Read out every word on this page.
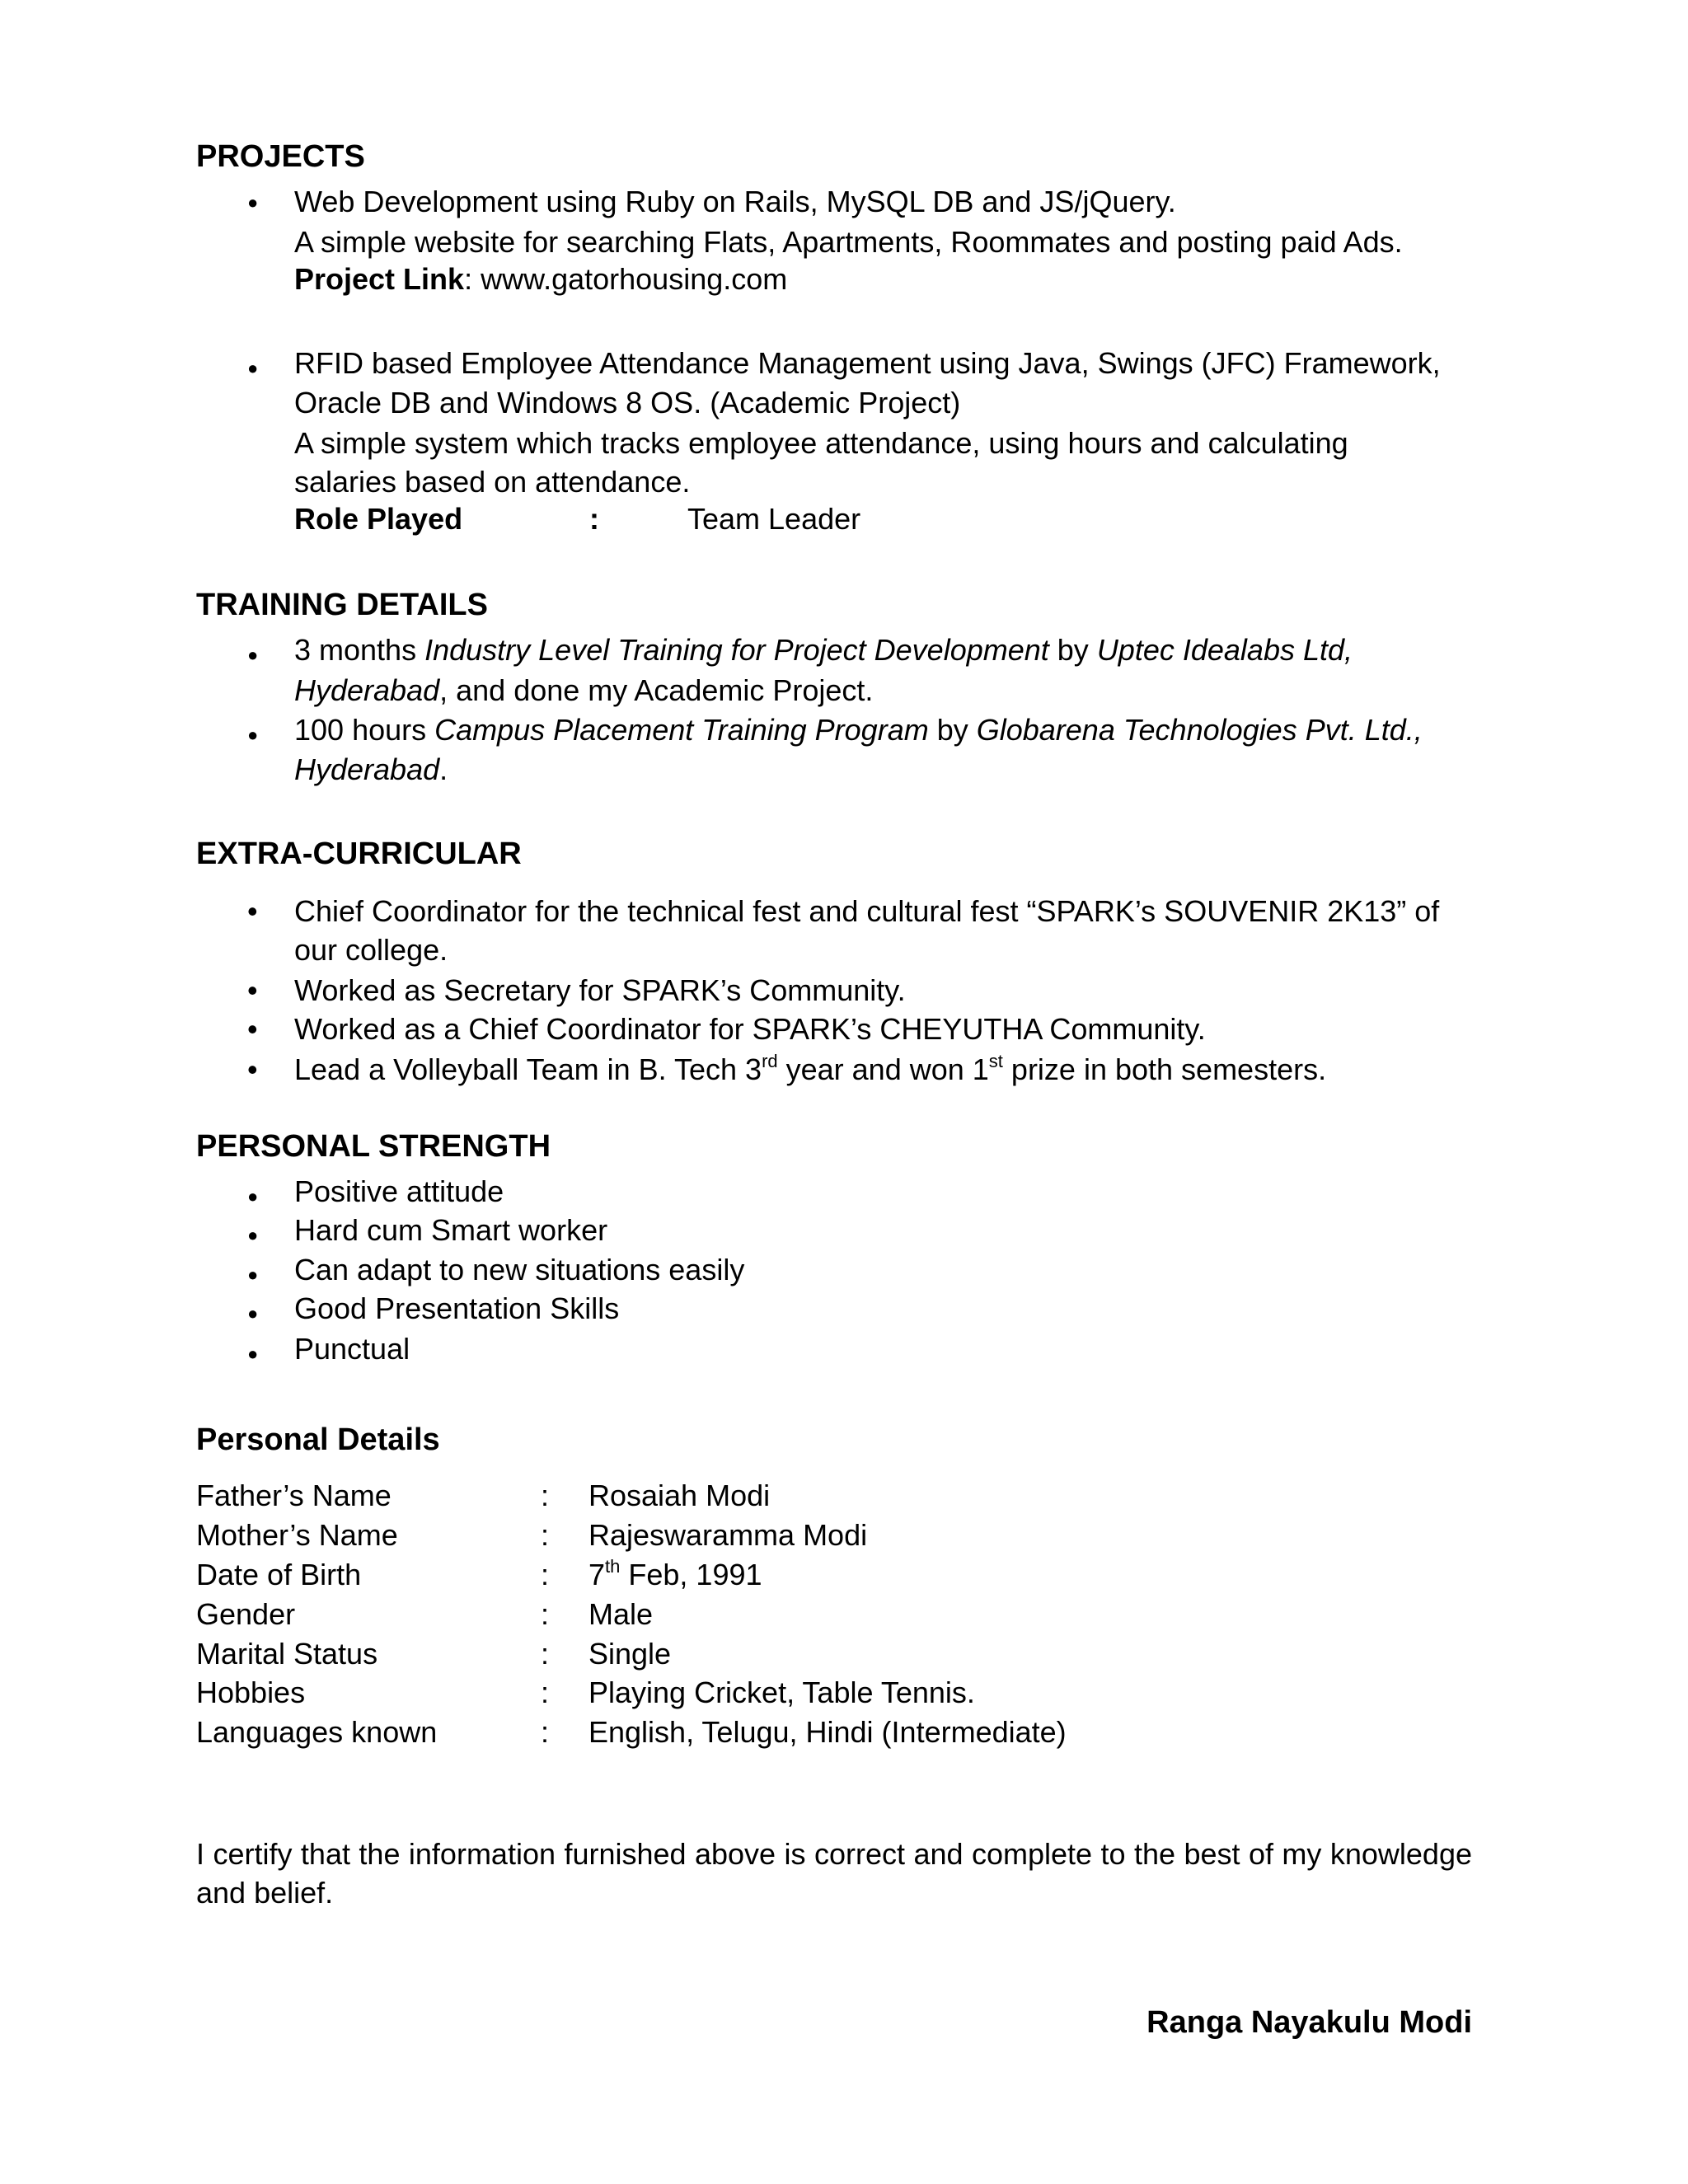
PROJECTS
● Web Development using Ruby on Rails, MySQL DB and JS/jQuery.
A simple website for searching Flats, Apartments, Roommates and posting paid Ads.
Project Link: www.gatorhousing.com
● RFID based Employee Attendance Management using Java, Swings (JFC) Framework,
Oracle DB and Windows 8 OS. (Academic Project)
A simple system which tracks employee attendance, using hours and calculating
salaries based on attendance.
Role Played	:	Team Leader
TRAINING DETAILS
● 3 months Industry Level Training for Project Development by Uptec Idealabs Ltd,
Hyderabad, and done my Academic Project.
● 100 hours Campus Placement Training Program by Globarena Technologies Pvt. Ltd.,
Hyderabad.
EXTRA-CURRICULAR
• Chief Coordinator for the technical fest and cultural fest “SPARK’s SOUVENIR 2K13” of
our college.
• Worked as Secretary for SPARK’s Community.
• Worked as a Chief Coordinator for SPARK’s CHEYUTHA Community.
• Lead a Volleyball Team in B. Tech 3rd year and won 1st prize in both semesters.
PERSONAL STRENGTH
● Positive attitude
● Hard cum Smart worker
● Can adapt to new situations easily
● Good Presentation Skills
● Punctual
Personal Details
Father’s Name	: Rosaiah Modi
Mother’s Name	: Rajeswaramma Modi
Date of Birth	: 7th Feb, 1991
Gender	: Male
Marital Status	: Single
Hobbies	: Playing Cricket, Table Tennis.
Languages known	: English, Telugu, Hindi (Intermediate)
I certify that the information furnished above is correct and complete to the best of my knowledge and belief.
Ranga Nayakulu Modi
